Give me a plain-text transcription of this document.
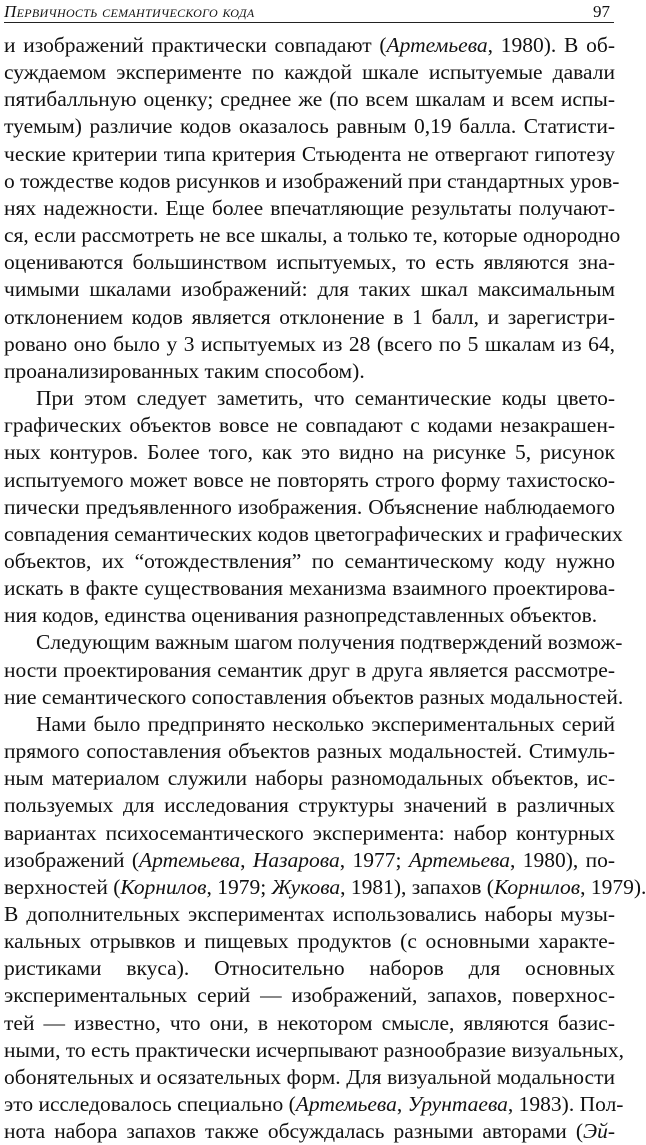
Первичность семантического кода	97
и изображений практически совпадают (Артемьева, 1980). В об-
суждаемом эксперименте по каждой шкале испытуемые давали
пятибалльную оценку; среднее же (по всем шкалам и всем испы-
туемым) различие кодов оказалось равным 0,19 балла. Статисти-
ческие критерии типа критерия Стьюдента не отвергают гипотезу
о тождестве кодов рисунков и изображений при стандартных уров-
нях надежности. Еще более впечатляющие результаты получают-
ся, если рассмотреть не все шкалы, а только те, которые однородно
оцениваются большинством испытуемых, то есть являются зна-
чимыми шкалами изображений: для таких шкал максимальным
отклонением кодов является отклонение в 1 балл, и зарегистри-
ровано оно было у 3 испытуемых из 28 (всего по 5 шкалам из 64,
проанализированных таким способом).
При этом следует заметить, что семантические коды цвето-
графических объектов вовсе не совпадают с кодами незакрашен-
ных контуров. Более того, как это видно на рисунке 5, рисунок
испытуемого может вовсе не повторять строго форму тахистоско-
пически предъявленного изображения. Объяснение наблюдаемого
совпадения семантических кодов цветографических и графических
объектов, их “отождествления” по семантическому коду нужно
искать в факте существования механизма взаимного проектирова-
ния кодов, единства оценивания разнопредставленных объектов.
Следующим важным шагом получения подтверждений возмож-
ности проектирования семантик друг в друга является рассмотре-
ние семантического сопоставления объектов разных модальностей.
Нами было предпринято несколько экспериментальных серий
прямого сопоставления объектов разных модальностей. Стимуль-
ным материалом служили наборы разномодальных объектов, ис-
пользуемых для исследования структуры значений в различных
вариантах психосемантического эксперимента: набор контурных
изображений (Артемьева, Назарова, 1977; Артемьева, 1980), по-
верхностей (Корнилов, 1979; Жукова, 1981), запахов (Корнилов, 1979).
В дополнительных экспериментах использовались наборы музы-
кальных отрывков и пищевых продуктов (с основными характе-
ристиками вкуса). Относительно наборов для основных
экспериментальных серий — изображений, запахов, поверхнос-
тей — известно, что они, в некотором смысле, являются базис-
ными, то есть практически исчерпывают разнообразие визуальных,
обонятельных и осязательных форм. Для визуальной модальности
это исследовалось специально (Артемьева, Урунтаева, 1983). Пол-
нота набора запахов также обсуждалась разными авторами (Эй-
